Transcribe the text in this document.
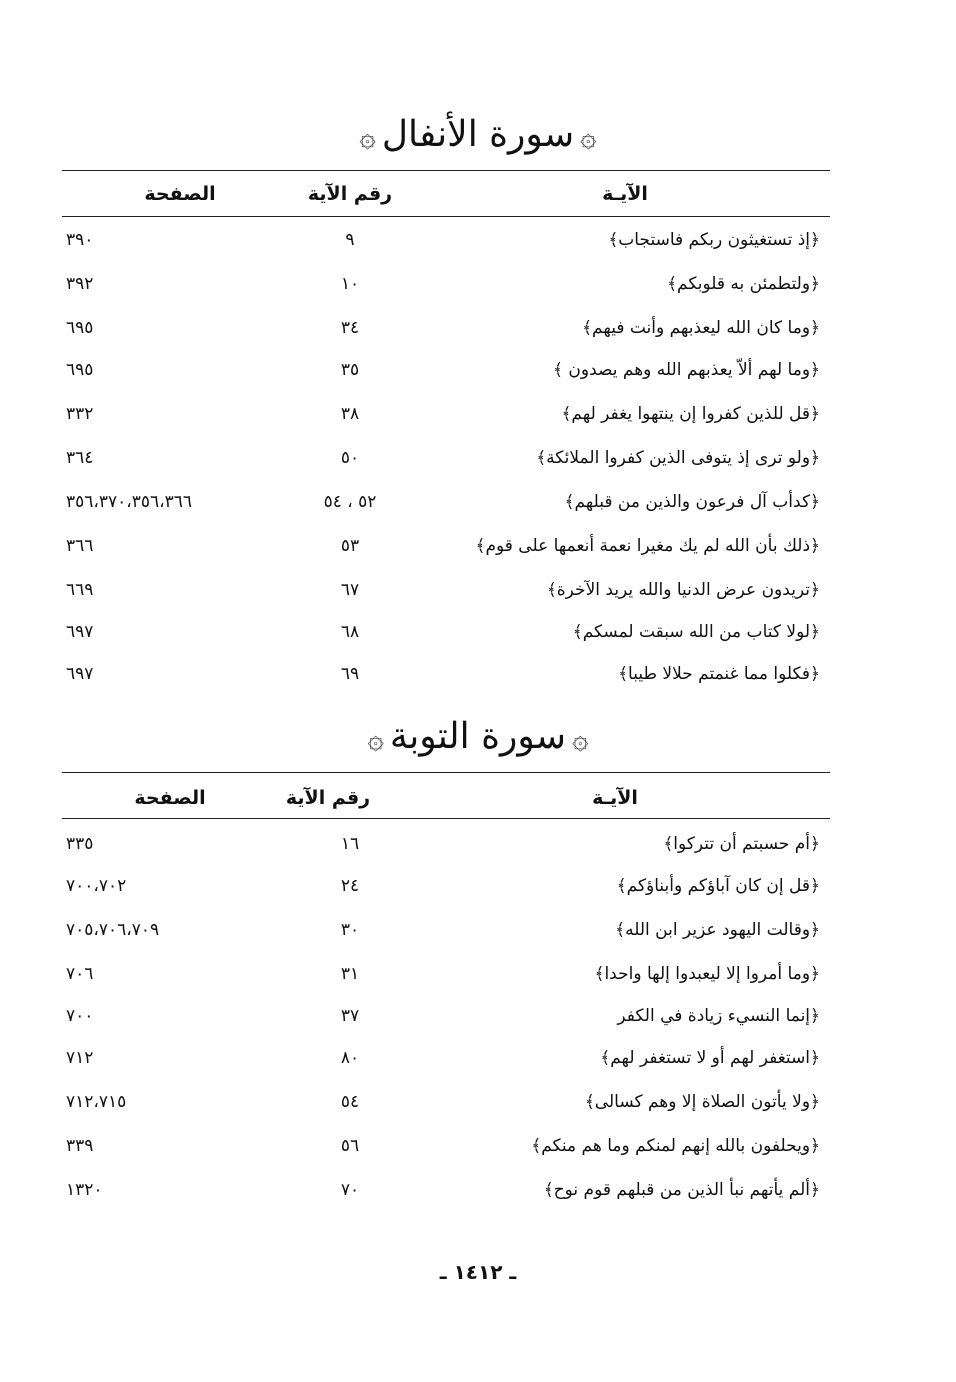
۞سورة الأنفال۞
الآيـة
رقم الآية
الصفحة
﴿إذ تستغيثون ربكم فاستجاب﴾
٩
٣٩٠
﴿ولتطمئن به قلوبكم﴾
١٠
٣٩٢
﴿وما كان الله ليعذبهم وأنت فيهم﴾
٣٤
٦٩٥
﴿وما لهم ألاّ يعذبهم الله وهم يصدون ﴾
٣٥
٦٩٥
﴿قل للذين كفروا إن ينتهوا يغفر لهم﴾
٣٨
٣٣٢
﴿ولو ترى إذ يتوفى الذين كفروا الملائكة﴾
٥٠
٣٦٤
﴿كدأب آل فرعون والذين من قبلهم﴾
٥٢ ، ٥٤
٣٥٦،٣٧٠،٣٥٦،٣٦٦
﴿ذلك بأن الله لم يك مغيرا نعمة أنعمها على قوم﴾
٥٣
٣٦٦
﴿تريدون عرض الدنيا والله يريد الآخرة﴾
٦٧
٦٦٩
﴿لولا كتاب من الله سبقت لمسكم﴾
٦٨
٦٩٧
﴿فكلوا مما غنمتم حلالا طيبا﴾
٦٩
٦٩٧
۞سورة التوبة۞
الآيـة
رقم الآية
الصفحة
﴿أم حسبتم أن تتركوا﴾
١٦
٣٣٥
﴿قل إن كان آباؤكم وأبناؤكم﴾
٢٤
٧٠٠،٧٠٢
﴿وقالت اليهود عزير ابن الله﴾
٣٠
٧٠٥،٧٠٦،٧٠٩
﴿وما أمروا إلا ليعبدوا إلها واحدا﴾
٣١
٧٠٦
﴿إنما النسيء زيادة في الكفر
٣٧
٧٠٠
﴿استغفر لهم أو لا تستغفر لهم﴾
٨٠
٧١٢
﴿ولا يأتون الصلاة إلا وهم كسالى﴾
٥٤
٧١٢،٧١٥
﴿ويحلفون بالله إنهم لمنكم وما هم منكم﴾
٥٦
٣٣٩
﴿ألم يأتهم نبأ الذين من قبلهم قوم نوح﴾
٧٠
١٣٢٠
ـ ١٤١٢ ـ
